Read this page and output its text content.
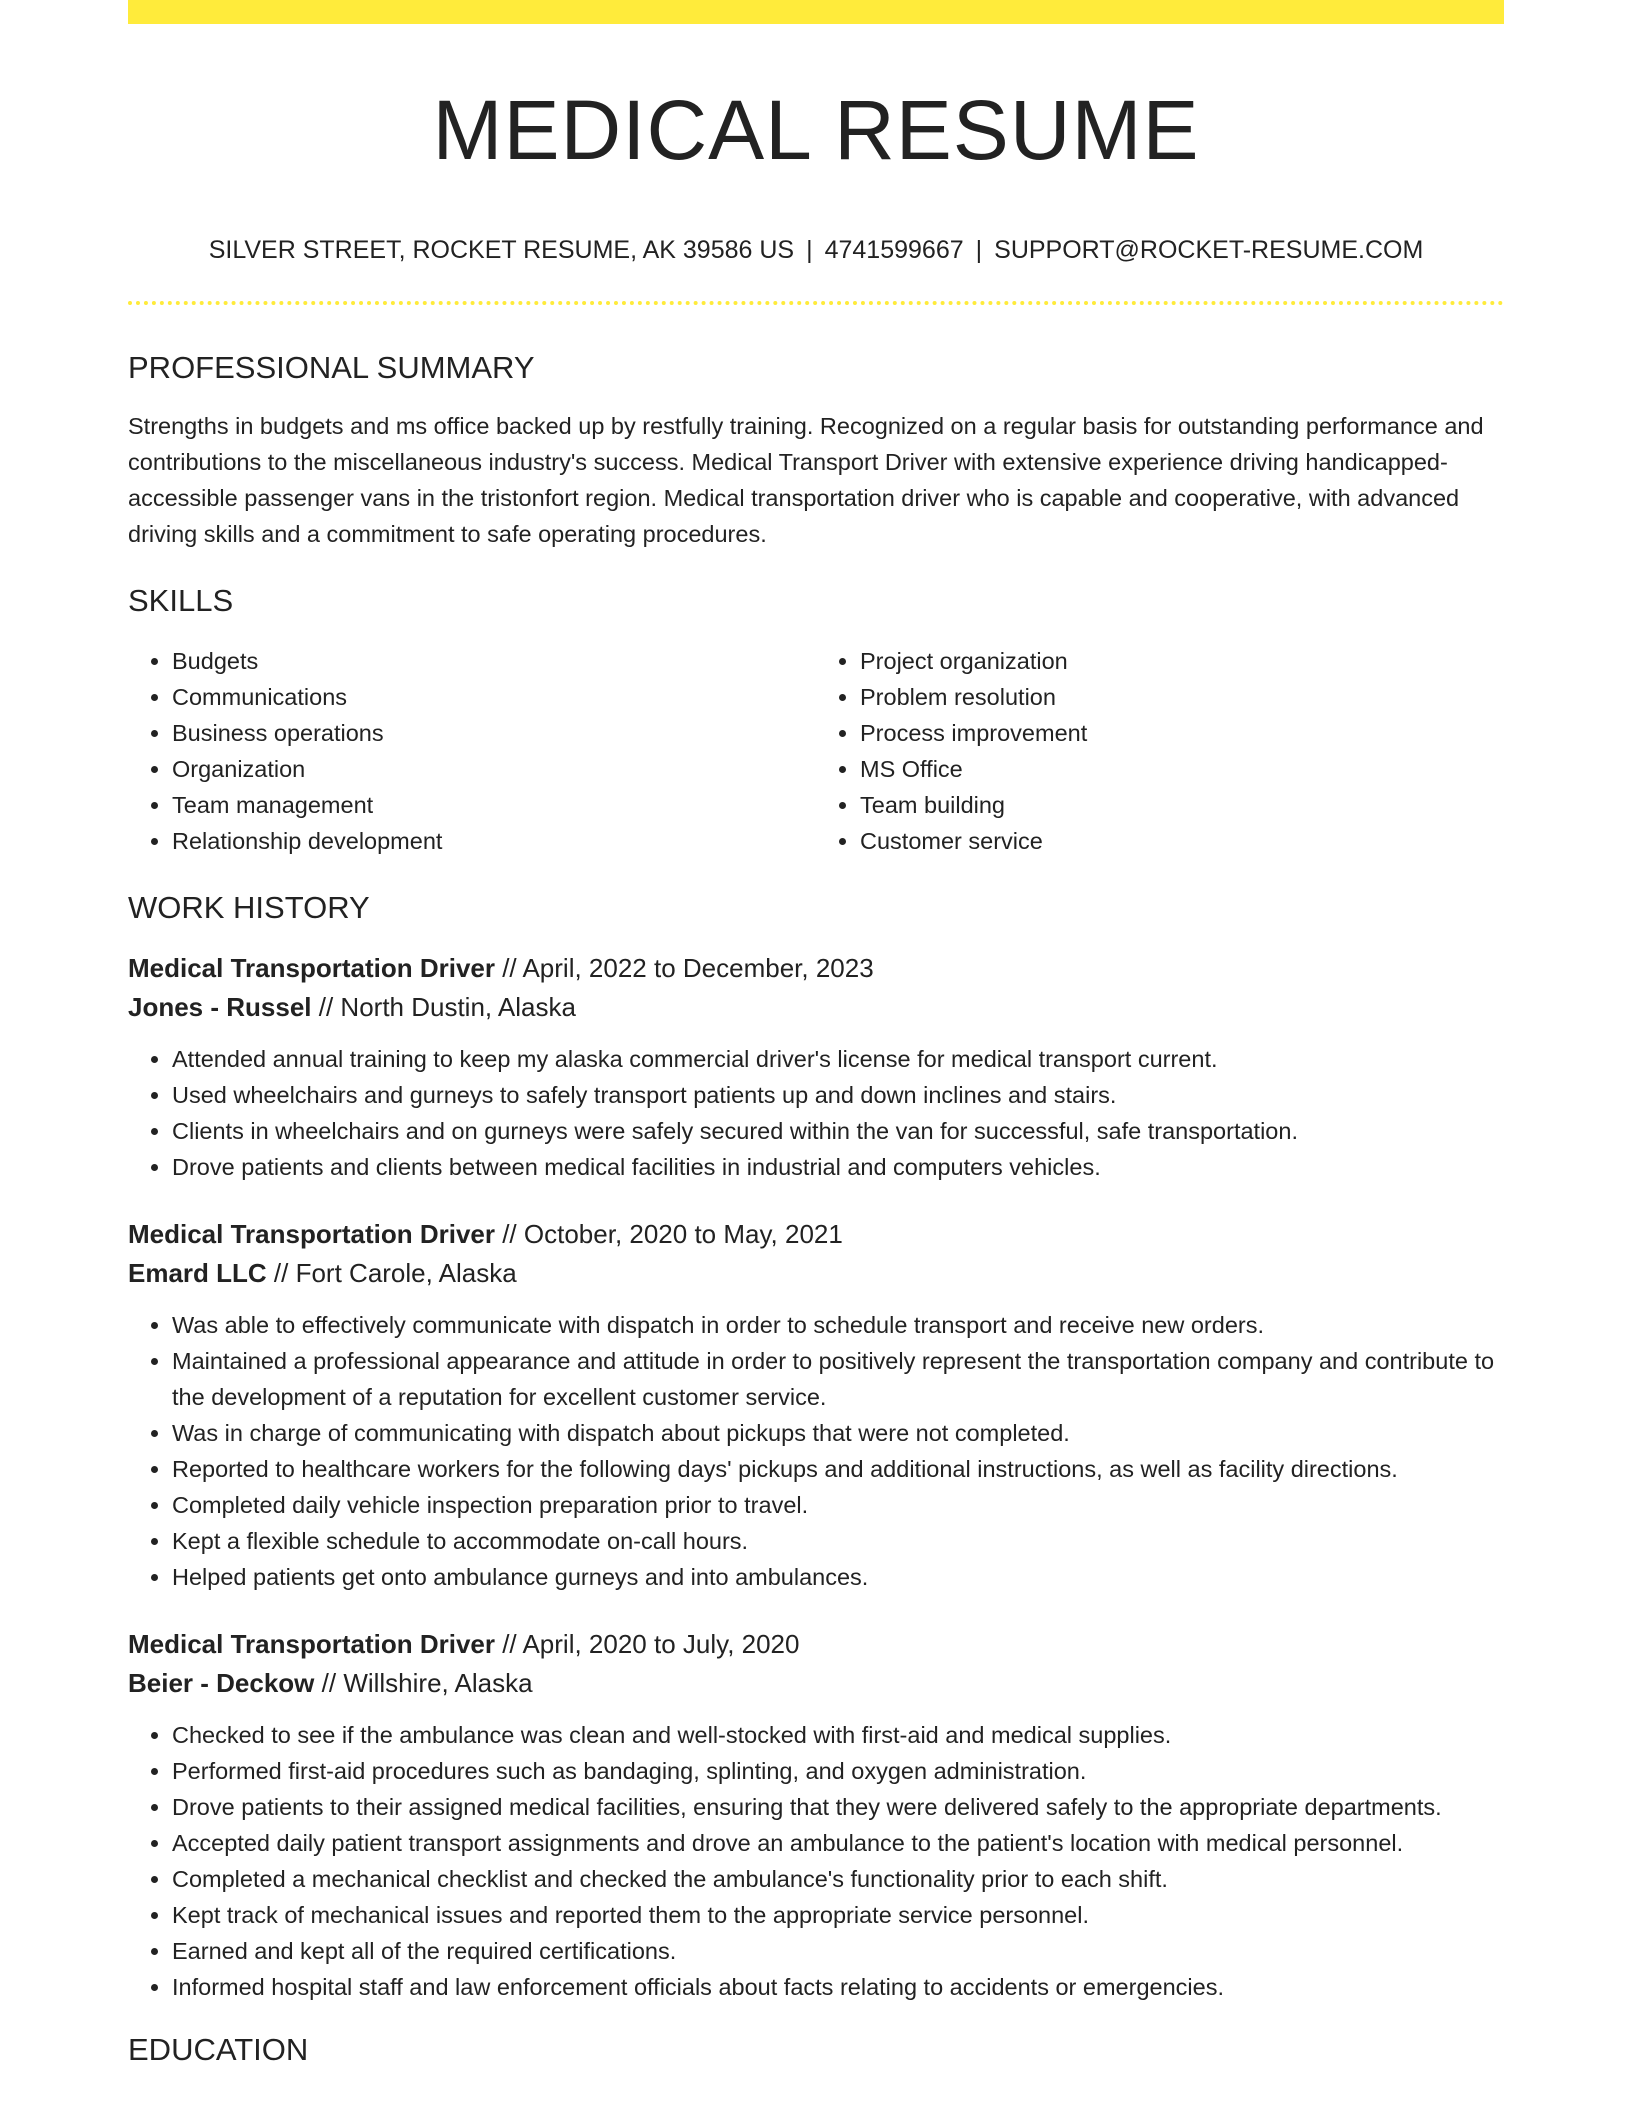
MEDICAL RESUME
SILVER STREET, ROCKET RESUME, AK 39586 US | 4741599667 | SUPPORT@ROCKET-RESUME.COM
PROFESSIONAL SUMMARY

Strengths in budgets and ms office backed up by restfully training. Recognized on a regular basis for outstanding performance and contributions to the miscellaneous industry's success. Medical Transport Driver with extensive experience driving handicapped-accessible passenger vans in the tristonfort region. Medical transportation driver who is capable and cooperative, with advanced driving skills and a commitment to safe operating procedures.

SKILLS
• Budgets
• Communications
• Business operations
• Organization
• Team management
• Relationship development
• Project organization
• Problem resolution
• Process improvement
• MS Office
• Team building
• Customer service
WORK HISTORY
Medical Transportation Driver // April, 2022 to December, 2023
Jones - Russel // North Dustin, Alaska
• Attended annual training to keep my alaska commercial driver's license for medical transport current.
• Used wheelchairs and gurneys to safely transport patients up and down inclines and stairs.
• Clients in wheelchairs and on gurneys were safely secured within the van for successful, safe transportation.
• Drove patients and clients between medical facilities in industrial and computers vehicles.
Medical Transportation Driver // October, 2020 to May, 2021
Emard LLC // Fort Carole, Alaska
• Was able to effectively communicate with dispatch in order to schedule transport and receive new orders.
• Maintained a professional appearance and attitude in order to positively represent the transportation company and contribute to the development of a reputation for excellent customer service.
• Was in charge of communicating with dispatch about pickups that were not completed.
• Reported to healthcare workers for the following days' pickups and additional instructions, as well as facility directions.
• Completed daily vehicle inspection preparation prior to travel.
• Kept a flexible schedule to accommodate on-call hours.
• Helped patients get onto ambulance gurneys and into ambulances.
Medical Transportation Driver // April, 2020 to July, 2020
Beier - Deckow // Willshire, Alaska
• Checked to see if the ambulance was clean and well-stocked with first-aid and medical supplies.
• Performed first-aid procedures such as bandaging, splinting, and oxygen administration.
• Drove patients to their assigned medical facilities, ensuring that they were delivered safely to the appropriate departments.
• Accepted daily patient transport assignments and drove an ambulance to the patient's location with medical personnel.
• Completed a mechanical checklist and checked the ambulance's functionality prior to each shift.
• Kept track of mechanical issues and reported them to the appropriate service personnel.
• Earned and kept all of the required certifications.
• Informed hospital staff and law enforcement officials about facts relating to accidents or emergencies.
EDUCATION
